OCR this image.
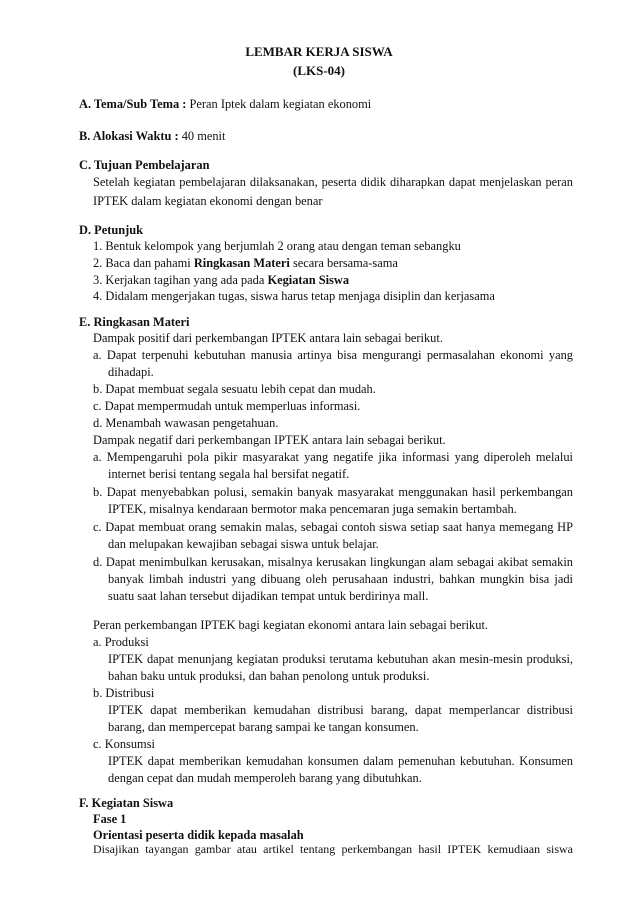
LEMBAR KERJA SISWA
(LKS-04)
A. Tema/Sub Tema : Peran Iptek dalam kegiatan ekonomi
B. Alokasi Waktu : 40 menit
C. Tujuan Pembelajaran
Setelah kegiatan pembelajaran dilaksanakan, peserta didik diharapkan dapat menjelaskan peran
IPTEK dalam kegiatan ekonomi dengan benar
D. Petunjuk
1. Bentuk kelompok yang berjumlah 2 orang atau dengan teman sebangku
2. Baca dan pahami Ringkasan Materi secara bersama-sama
3. Kerjakan tagihan yang ada pada Kegiatan Siswa
4. Didalam mengerjakan tugas, siswa harus tetap menjaga disiplin dan kerjasama
E. Ringkasan Materi
Dampak positif dari perkembangan IPTEK antara lain sebagai berikut.
a. Dapat terpenuhi kebutuhan manusia artinya bisa mengurangi permasalahan ekonomi yang
dihadapi.
b. Dapat membuat segala sesuatu lebih cepat dan mudah.
c. Dapat mempermudah untuk memperluas informasi.
d. Menambah wawasan pengetahuan.
Dampak negatif dari perkembangan IPTEK antara lain sebagai berikut.
a. Mempengaruhi pola pikir masyarakat yang negatife jika informasi yang diperoleh melalui
internet berisi tentang segala hal bersifat negatif.
b. Dapat menyebabkan polusi, semakin banyak masyarakat menggunakan hasil perkembangan
IPTEK, misalnya kendaraan bermotor maka pencemaran juga semakin bertambah.
c. Dapat membuat orang semakin malas, sebagai contoh siswa setiap saat hanya memegang HP
dan melupakan kewajiban sebagai siswa untuk belajar.
d. Dapat menimbulkan kerusakan, misalnya kerusakan lingkungan alam sebagai akibat semakin
banyak limbah industri yang dibuang oleh perusahaan industri, bahkan mungkin bisa jadi
suatu saat lahan tersebut dijadikan tempat untuk berdirinya mall.
Peran perkembangan IPTEK bagi kegiatan ekonomi antara lain sebagai berikut.
a. Produksi
IPTEK dapat menunjang kegiatan produksi terutama kebutuhan akan mesin-mesin produksi,
bahan baku untuk produksi, dan bahan penolong untuk produksi.
b. Distribusi
IPTEK dapat memberikan kemudahan distribusi barang, dapat memperlancar distribusi
barang, dan mempercepat barang sampai ke tangan konsumen.
c. Konsumsi
IPTEK dapat memberikan kemudahan konsumen dalam pemenuhan kebutuhan. Konsumen
dengan cepat dan mudah memperoleh barang yang dibutuhkan.
F. Kegiatan Siswa
Fase 1
Orientasi peserta didik kepada masalah
Disajikan tayangan gambar atau artikel tentang perkembangan hasil IPTEK kemudiaan siswa
